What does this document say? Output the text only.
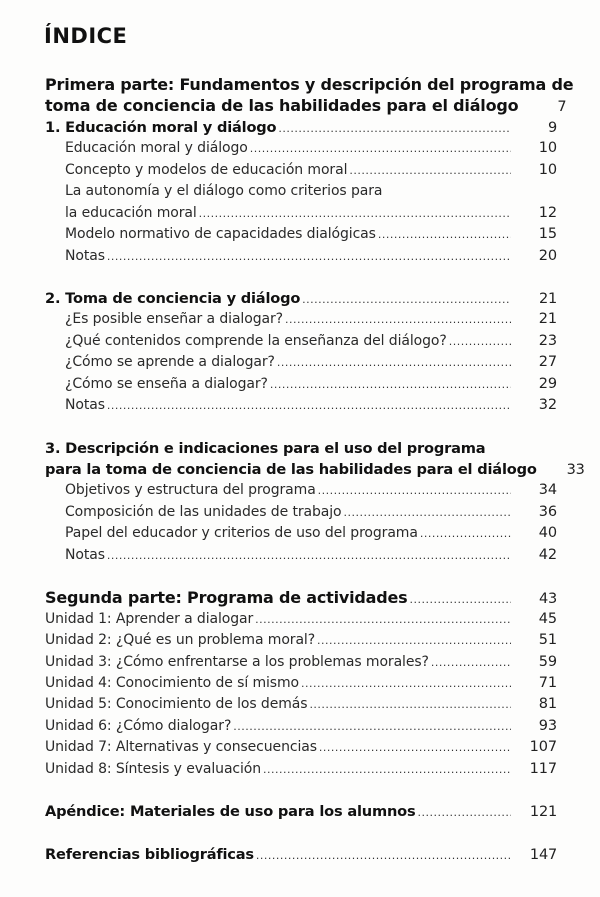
ÍNDICE
Primera parte: Fundamentos y descripción del programa de
toma de conciencia de las habilidades para el diálogo	7
1. Educación moral y diálogo .....	9
Educación moral y diálogo .....	10
Concepto y modelos de educación moral .....	10
La autonomía y el diálogo como criterios para
la educación moral .....	12
Modelo normativo de capacidades dialógicas .....	15
Notas .....	20
2. Toma de conciencia y diálogo .....	21
¿Es posible enseñar a dialogar? .....	21
¿Qué contenidos comprende la enseñanza del diálogo? .....	23
¿Cómo se aprende a dialogar? .....	27
¿Cómo se enseña a dialogar? .....	29
Notas .....	32
3. Descripción e indicaciones para el uso del programa
para la toma de conciencia de las habilidades para el diálogo	33
Objetivos y estructura del programa .....	34
Composición de las unidades de trabajo .....	36
Papel del educador y criterios de uso del programa .....	40
Notas .....	42
Segunda parte: Programa de actividades .....	43
Unidad 1: Aprender a dialogar .....	45
Unidad 2: ¿Qué es un problema moral? .....	51
Unidad 3: ¿Cómo enfrentarse a los problemas morales? .....	59
Unidad 4: Conocimiento de sí mismo .....	71
Unidad 5: Conocimiento de los demás .....	81
Unidad 6: ¿Cómo dialogar? .....	93
Unidad 7: Alternativas y consecuencias .....	107
Unidad 8: Síntesis y evaluación .....	117
Apéndice: Materiales de uso para los alumnos .....	121
Referencias bibliográficas .....	147
